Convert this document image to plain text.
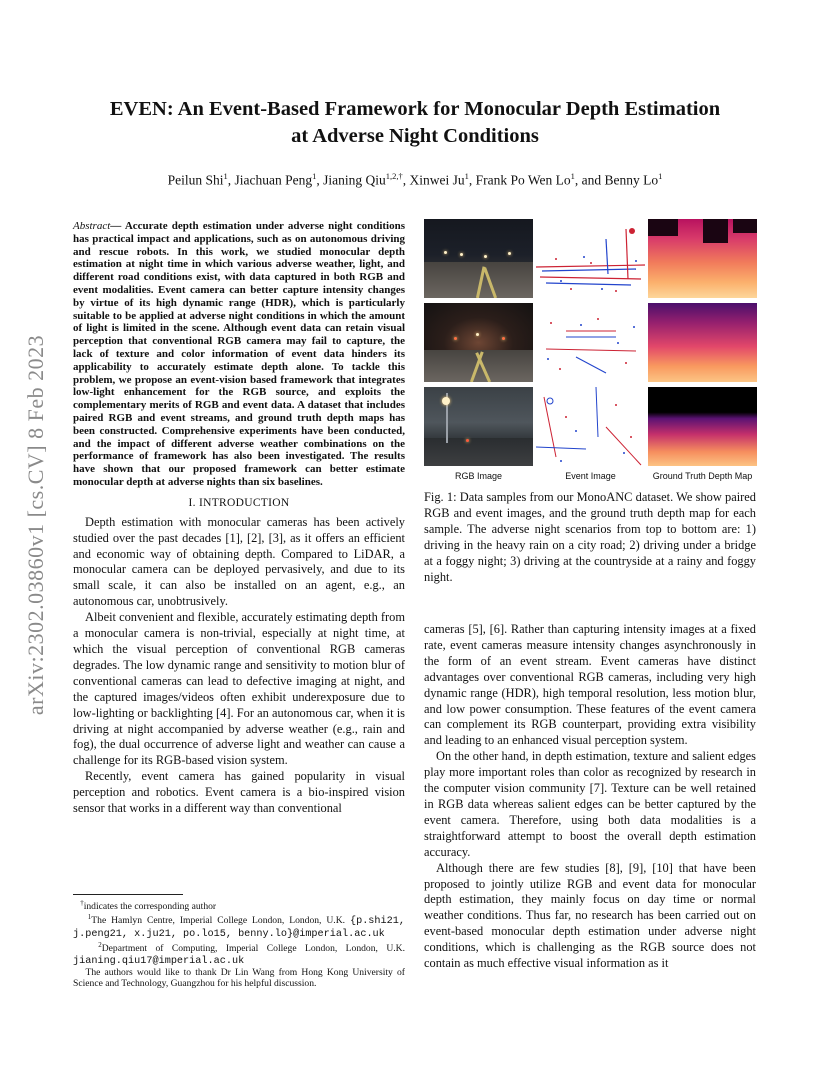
arXiv:2302.03860v1 [cs.CV] 8 Feb 2023
EVEN: An Event-Based Framework for Monocular Depth Estimation
at Adverse Night Conditions
Peilun Shi$^1$, Jiachuan Peng$^1$, Jianing Qiu$^{1,2,\dagger}$, Xinwei Ju$^1$, Frank Po Wen Lo$^1$, and Benny Lo$^1$

Abstract— Accurate depth estimation under adverse night conditions has practical impact and applications, such as on autonomous driving and rescue robots. In this work, we studied monocular depth estimation at night time in which various adverse weather, light, and different road conditions exist, with data captured in both RGB and event modalities. Event camera can better capture intensity changes by virtue of its high dynamic range (HDR), which is particularly suitable to be applied at adverse night conditions in which the amount of light is limited in the scene. Although event data can retain visual perception that conventional RGB camera may fail to capture, the lack of texture and color information of event data hinders its applicability to accurately estimate depth alone. To tackle this problem, we propose an event-vision based framework that integrates low-light enhancement for the RGB source, and exploits the complementary merits of RGB and event data. A dataset that includes paired RGB and event streams, and ground truth depth maps has been constructed. Comprehensive experiments have been conducted, and the impact of different adverse weather combinations on the performance of framework has also been investigated. The results have shown that our proposed framework can better estimate monocular depth at adverse nights than six baselines.

I. INTRODUCTION

Depth estimation with monocular cameras has been actively studied over the past decades [1], [2], [3], as it offers an efficient and economic way of obtaining depth. Compared to LiDAR, a monocular camera can be deployed pervasively, and due to its small scale, it can also be installed on an agent, e.g., an autonomous car, unobtrusively.

Albeit convenient and flexible, accurately estimating depth from a monocular camera is non-trivial, especially at night time, at which the visual perception of conventional RGB cameras degrades. The low dynamic range and sensitivity to motion blur of conventional cameras can lead to defective imaging at night, and the captured images/videos often exhibit underexposure due to low-lighting or backlighting [4]. For an autonomous car, when it is driving at night accompanied by adverse weather (e.g., rain and fog), the dual occurrence of adverse light and weather can cause a challenge for its RGB-based vision system.

Recently, event camera has gained popularity in visual perception and robotics. Event camera is a bio-inspired vision sensor that works in a different way than conventional

†indicates the corresponding author

$^1$The Hamlyn Centre, Imperial College London, London, U.K. {p.shi21, j.peng21, x.ju21, po.lo15, benny.lo}@imperial.ac.uk

$^2$Department of Computing, Imperial College London, London, U.K. jianing.qiu17@imperial.ac.uk

The authors would like to thank Dr Lin Wang from Hong Kong University of Science and Technology, Guangzhou for his helpful discussion.

RGB Image	Event Image	Ground Truth Depth Map

Fig. 1: Data samples from our MonoANC dataset. We show paired RGB and event images, and the ground truth depth map for each sample. The adverse night scenarios from top to bottom are: 1) driving in the heavy rain on a city road; 2) driving under a bridge at a foggy night; 3) driving at the countryside at a rainy and foggy night.

cameras [5], [6]. Rather than capturing intensity images at a fixed rate, event cameras measure intensity changes asynchronously in the form of an event stream. Event cameras have distinct advantages over conventional RGB cameras, including very high dynamic range (HDR), high temporal resolution, less motion blur, and low power consumption. These features of the event camera can complement its RGB counterpart, providing extra visibility and leading to an enhanced visual perception system.

On the other hand, in depth estimation, texture and salient edges play more important roles than color as recognized by research in the computer vision community [7]. Texture can be well retained in RGB data whereas salient edges can be better captured by the event camera. Therefore, using both data modalities is a straightforward attempt to boost the overall depth estimation accuracy.

Although there are few studies [8], [9], [10] that have been proposed to jointly utilize RGB and event data for monocular depth estimation, they mainly focus on day time or normal weather conditions. Thus far, no research has been carried out on event-based monocular depth estimation under adverse night conditions, which is challenging as the RGB source does not contain as much effective visual information as it
